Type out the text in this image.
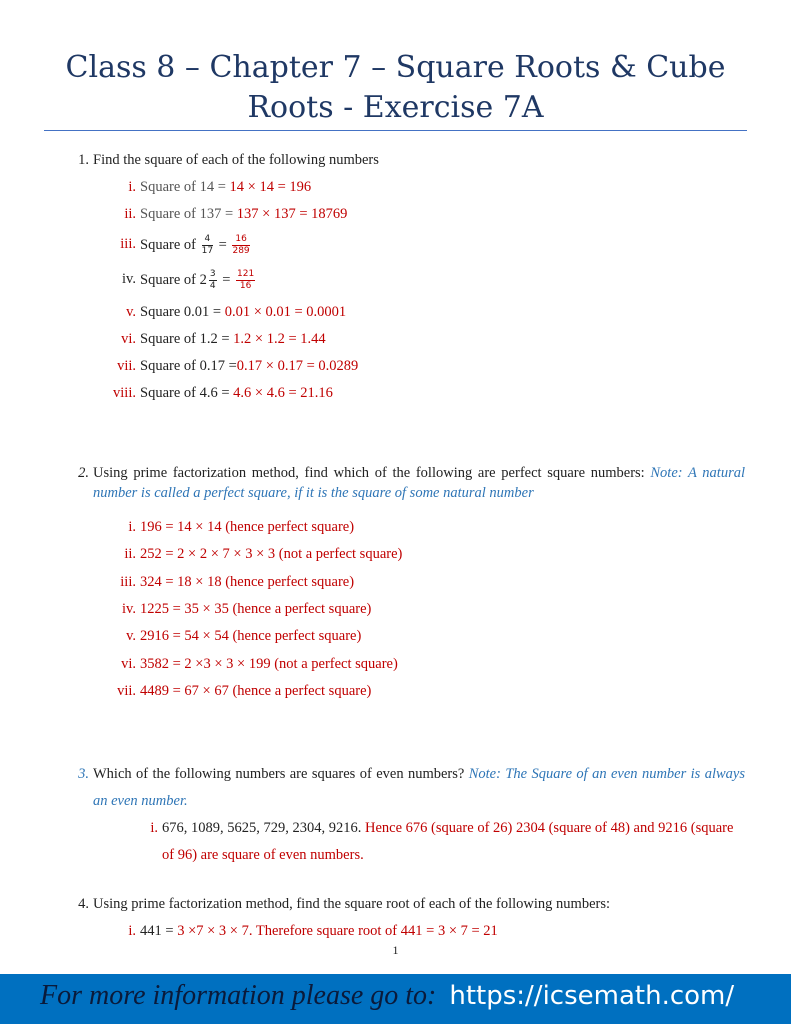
Class 8 – Chapter 7 – Square Roots & Cube Roots - Exercise 7A
1. Find the square of each of the following numbers
i. Square of 14 = 14 × 14 = 196
ii. Square of 137 = 137 × 137 = 18769
iii. Square of $\frac{4}{17} = \frac{16}{289}$
iv. Square of $2 \frac{3}{4} = \frac{121}{16}$
v. Square 0.01 = 0.01 × 0.01 = 0.0001
vi. Square of 1.2 = 1.2 × 1.2 = 1.44
vii. Square of 0.17 =0.17 × 0.17 = 0.0289
viii. Square of 4.6 = 4.6 × 4.6 = 21.16
2. Using prime factorization method, find which of the following are perfect square numbers: Note: A natural number is called a perfect square, if it is the square of some natural number
i. 196 = 14 × 14 (hence perfect square)
ii. 252 = 2 × 2 × 7 × 3 × 3 (not a perfect square)
iii. 324 = 18 × 18 (hence perfect square)
iv. 1225 = 35 × 35 (hence a perfect square)
v. 2916 = 54 × 54 (hence perfect square)
vi. 3582 = 2 ×3 × 3 × 199 (not a perfect square)
vii. 4489 = 67 × 67 (hence a perfect square)
3. Which of the following numbers are squares of even numbers? Note: The Square of an even number is always an even number.
i. 676, 1089, 5625, 729, 2304, 9216. Hence 676 (square of 26) 2304 (square of 48) and 9216 (square of 96) are square of even numbers.
4. Using prime factorization method, find the square root of each of the following numbers:
i. 441 = 3 ×7 × 3 × 7. Therefore square root of 441 = 3 × 7 = 21
1
For more information please go to: https://icsemath.com/
